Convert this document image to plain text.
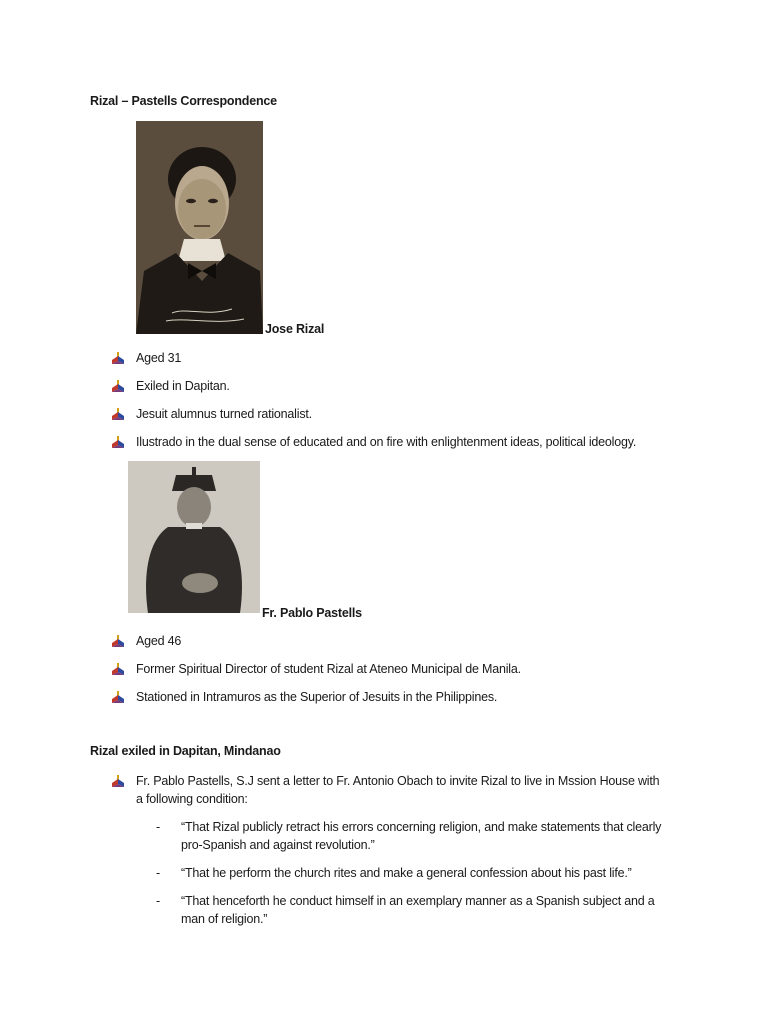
Rizal – Pastells Correspondence
Jose Rizal
Aged 31
Exiled in Dapitan.
Jesuit alumnus turned rationalist.
Ilustrado in the dual sense of educated and on fire with enlightenment ideas, political ideology.
Fr. Pablo Pastells
Aged 46
Former Spiritual Director of student Rizal at Ateneo Municipal de Manila.
Stationed in Intramuros as the Superior of Jesuits in the Philippines.
Rizal exiled in Dapitan, Mindanao
Fr. Pablo Pastells, S.J sent a letter to Fr. Antonio Obach to invite Rizal to live in Mssion House with a following condition:
- “That Rizal publicly retract his errors concerning religion, and make statements that clearly pro-Spanish and against revolution.”
- “That he perform the church rites and make a general confession about his past life.”
- “That henceforth he conduct himself in an exemplary manner as a Spanish subject and a man of religion.”
